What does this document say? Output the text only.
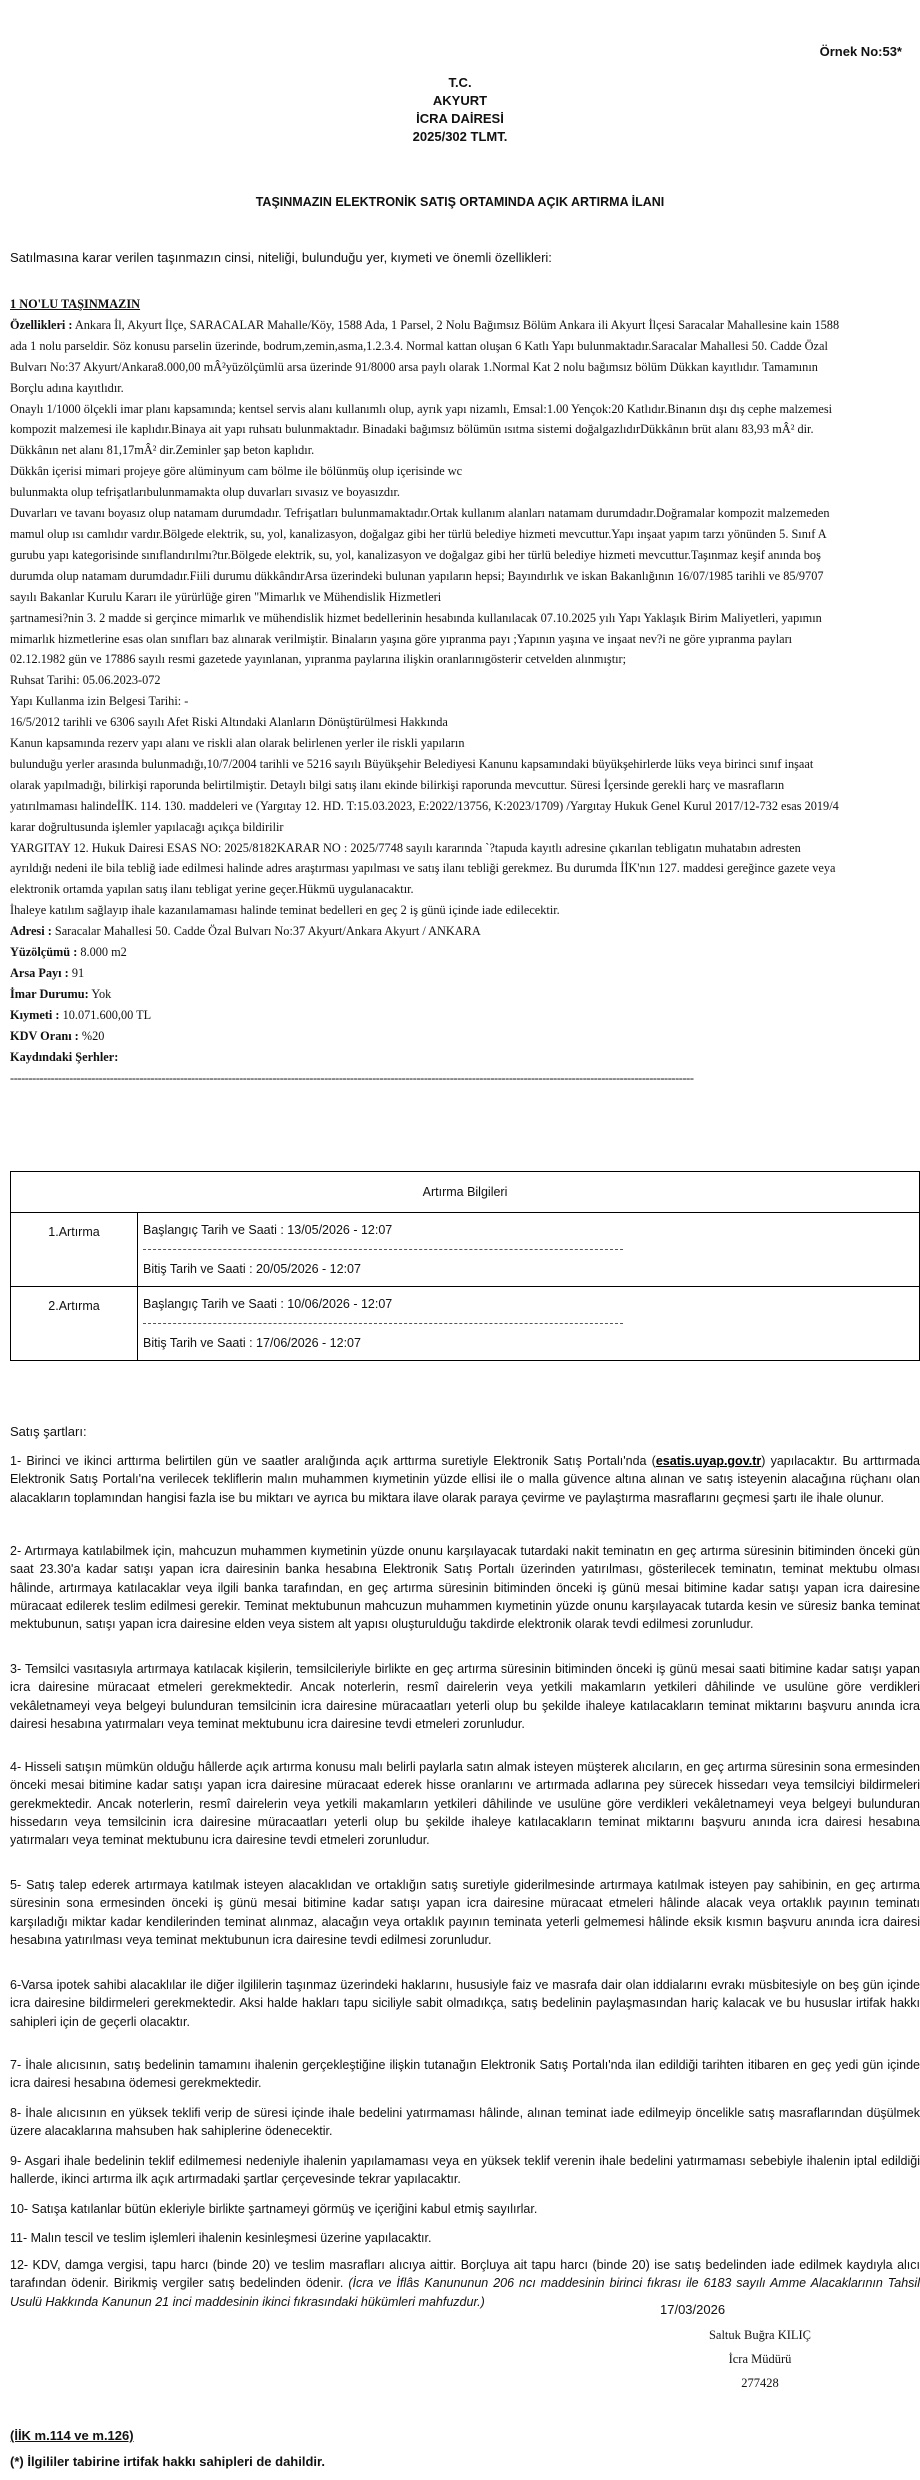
Örnek No:53*
T.C.
AKYURT
İCRA DAİRESİ
2025/302 TLMT.
TAŞINMAZIN ELEKTRONİK SATIŞ ORTAMINDA AÇIK ARTIRMA İLANI
Satılmasına karar verilen taşınmazın cinsi, niteliği, bulunduğu yer, kıymeti ve önemli özellikleri:
1 NO'LU TAŞINMAZIN
Özellikleri : Ankara İl, Akyurt İlçe, SARACALAR Mahalle/Köy, 1588 Ada, 1 Parsel, 2 Nolu Bağımsız Bölüm Ankara ili Akyurt İlçesi Saracalar Mahallesine kain 1588
ada 1 nolu parseldir. Söz konusu parselin üzerinde, bodrum,zemin,asma,1.2.3.4. Normal kattan oluşan 6 Katlı Yapı bulunmaktadır.Saracalar Mahallesi 50. Cadde Özal
Bulvarı No:37 Akyurt/Ankara8.000,00 mÂ²yüzölçümlü arsa üzerinde 91/8000 arsa paylı olarak 1.Normal Kat 2 nolu bağımsız bölüm Dükkan kayıtlıdır. Tamamının
Borçlu adına kayıtlıdır.
Onaylı 1/1000 ölçekli imar planı kapsamında; kentsel servis alanı kullanımlı olup, ayrık yapı nizamlı, Emsal:1.00 Yençok:20 Katlıdır.Binanın dışı dış cephe malzemesi
kompozit malzemesi ile kaplıdır.Binaya ait yapı ruhsatı bulunmaktadır. Binadaki bağımsız bölümün ısıtma sistemi doğalgazlıdırDükkânın brüt alanı 83,93 mÂ² dir.
Dükkânın net alanı 81,17mÂ² dir.Zeminler şap beton kaplıdır.
Dükkân içerisi mimari projeye göre alüminyum cam bölme ile bölünmüş olup içerisinde wc
bulunmakta olup tefrişatlarıbulunmamakta olup duvarları sıvasız ve boyasızdır.
Duvarları ve tavanı boyasız olup natamam durumdadır. Tefrişatları bulunmamaktadır.Ortak kullanım alanları natamam durumdadır.Doğramalar kompozit malzemeden
mamul olup ısı camlıdır vardır.Bölgede elektrik, su, yol, kanalizasyon, doğalgaz gibi her türlü belediye hizmeti mevcuttur.Yapı inşaat yapım tarzı yönünden 5. Sınıf A
gurubu yapı kategorisinde sınıflandırılmı?tır.Bölgede elektrik, su, yol, kanalizasyon ve doğalgaz gibi her türlü belediye hizmeti mevcuttur.Taşınmaz keşif anında boş
durumda olup natamam durumdadır.Fiili durumu dükkândırArsa üzerindeki bulunan yapıların hepsi; Bayındırlık ve iskan Bakanlığının 16/07/1985 tarihli ve 85/9707
sayılı Bakanlar Kurulu Kararı ile yürürlüğe giren "Mimarlık ve Mühendislik Hizmetleri
şartnamesi?nin 3. 2 madde si gerçince mimarlık ve mühendislik hizmet bedellerinin hesabında kullanılacak 07.10.2025 yılı Yapı Yaklaşık Birim Maliyetleri, yapımın
mimarlık hizmetlerine esas olan sınıfları baz alınarak verilmiştir. Binaların yaşına göre yıpranma payı ;Yapının yaşına ve inşaat nev?i ne göre yıpranma payları
02.12.1982 gün ve 17886 sayılı resmi gazetede yayınlanan, yıpranma paylarına ilişkin oranlarınıgösterir cetvelden alınmıştır;
Ruhsat Tarihi: 05.06.2023-072
Yapı Kullanma izin Belgesi Tarihi: -
16/5/2012 tarihli ve 6306 sayılı Afet Riski Altındaki Alanların Dönüştürülmesi Hakkında
Kanun kapsamında rezerv yapı alanı ve riskli alan olarak belirlenen yerler ile riskli yapıların
bulunduğu yerler arasında bulunmadığı,10/7/2004 tarihli ve 5216 sayılı Büyükşehir Belediyesi Kanunu kapsamındaki büyükşehirlerde lüks veya birinci sınıf inşaat
olarak yapılmadığı, bilirkişi raporunda belirtilmiştir. Detaylı bilgi satış ilanı ekinde bilirkişi raporunda mevcuttur. Süresi İçersinde gerekli harç ve masrafların
yatırılmaması halindeİİK. 114. 130. maddeleri ve (Yargıtay 12. HD. T:15.03.2023, E:2022/13756, K:2023/1709) /Yargıtay Hukuk Genel Kurul 2017/12-732 esas 2019/4
karar doğrultusunda işlemler yapılacağı açıkça bildirilir
YARGITAY 12. Hukuk Dairesi ESAS NO: 2025/8182KARAR NO : 2025/7748 sayılı kararında `?tapuda kayıtlı adresine çıkarılan tebligatın muhatabın adresten
ayrıldığı nedeni ile bila tebliğ iade edilmesi halinde adres araştırması yapılması ve satış ilanı tebliği gerekmez. Bu durumda İİK'nın 127. maddesi gereğince gazete veya
elektronik ortamda yapılan satış ilanı tebligat yerine geçer.Hükmü uygulanacaktır.
İhaleye katılım sağlayıp ihale kazanılamaması halinde teminat bedelleri en geç 2 iş günü içinde iade edilecektir.
Adresi : Saracalar Mahallesi 50. Cadde Özal Bulvarı No:37 Akyurt/Ankara Akyurt / ANKARA
Yüzölçümü : 8.000 m2
Arsa Payı : 91
İmar Durumu: Yok
Kıymeti : 10.071.600,00 TL
KDV Oranı : %20
Kaydındaki Şerhler:
-----------------------------------------------------------------------------------------------------------------------------------------------------------------------------------------
Artırma Bilgileri	
1.Artırma	Başlangıç Tarih ve Saati : 13/05/2026 - 12:07
Bitiş Tarih ve Saati : 20/05/2026 - 12:07

2.Artırma	Başlangıç Tarih ve Saati : 10/06/2026 - 12:07
Bitiş Tarih ve Saati : 17/06/2026 - 12:07
Satış şartları:
1- Birinci ve ikinci arttırma belirtilen gün ve saatler aralığında açık arttırma suretiyle Elektronik Satış Portalı'nda (esatis.uyap.gov.tr) yapılacaktır. Bu arttırmada Elektronik Satış Portalı'na verilecek tekliflerin malın muhammen kıymetinin yüzde ellisi ile o malla güvence altına alınan ve satış isteyenin alacağına rüçhanı olan alacakların toplamından hangisi fazla ise bu miktarı ve ayrıca bu miktara ilave olarak paraya çevirme ve paylaştırma masraflarını geçmesi şartı ile ihale olunur.
2- Artırmaya katılabilmek için, mahcuzun muhammen kıymetinin yüzde onunu karşılayacak tutardaki nakit teminatın en geç artırma süresinin bitiminden önceki gün saat 23.30'a kadar satışı yapan icra dairesinin banka hesabına Elektronik Satış Portalı üzerinden yatırılması, gösterilecek teminatın, teminat mektubu olması hâlinde, artırmaya katılacaklar veya ilgili banka tarafından, en geç artırma süresinin bitiminden önceki iş günü mesai bitimine kadar satışı yapan icra dairesine müracaat edilerek teslim edilmesi gerekir. Teminat mektubunun mahcuzun muhammen kıymetinin yüzde onunu karşılayacak tutarda kesin ve süresiz banka teminat mektubunun, satışı yapan icra dairesine elden veya sistem alt yapısı oluşturulduğu takdirde elektronik olarak tevdi edilmesi zorunludur.
3- Temsilci vasıtasıyla artırmaya katılacak kişilerin, temsilcileriyle birlikte en geç artırma süresinin bitiminden önceki iş günü mesai saati bitimine kadar satışı yapan icra dairesine müracaat etmeleri gerekmektedir. Ancak noterlerin, resmî dairelerin veya yetkili makamların yetkileri dâhilinde ve usulüne göre verdikleri vekâletnameyi veya belgeyi bulunduran temsilcinin icra dairesine müracaatları yeterli olup bu şekilde ihaleye katılacakların teminat miktarını başvuru anında icra dairesi hesabına yatırmaları veya teminat mektubunu icra dairesine tevdi etmeleri zorunludur.
4- Hisseli satışın mümkün olduğu hâllerde açık artırma konusu malı belirli paylarla satın almak isteyen müşterek alıcıların, en geç artırma süresinin sona ermesinden önceki mesai bitimine kadar satışı yapan icra dairesine müracaat ederek hisse oranlarını ve artırmada adlarına pey sürecek hissedarı veya temsilciyi bildirmeleri gerekmektedir. Ancak noterlerin, resmî dairelerin veya yetkili makamların yetkileri dâhilinde ve usulüne göre verdikleri vekâletnameyi veya belgeyi bulunduran hissedarın veya temsilcinin icra dairesine müracaatları yeterli olup bu şekilde ihaleye katılacakların teminat miktarını başvuru anında icra dairesi hesabına yatırmaları veya teminat mektubunu icra dairesine tevdi etmeleri zorunludur.
5- Satış talep ederek artırmaya katılmak isteyen alacaklıdan ve ortaklığın satış suretiyle giderilmesinde artırmaya katılmak isteyen pay sahibinin, en geç artırma süresinin sona ermesinden önceki iş günü mesai bitimine kadar satışı yapan icra dairesine müracaat etmeleri hâlinde alacak veya ortaklık payının teminatı karşıladığı miktar kadar kendilerinden teminat alınmaz, alacağın veya ortaklık payının teminata yeterli gelmemesi hâlinde eksik kısmın başvuru anında icra dairesi hesabına yatırılması veya teminat mektubunun icra dairesine tevdi edilmesi zorunludur.
6-Varsa ipotek sahibi alacaklılar ile diğer ilgililerin taşınmaz üzerindeki haklarını, hususiyle faiz ve masrafa dair olan iddialarını evrakı müsbitesiyle on beş gün içinde icra dairesine bildirmeleri gerekmektedir. Aksi halde hakları tapu siciliyle sabit olmadıkça, satış bedelinin paylaşmasından hariç kalacak ve bu hususlar irtifak hakkı sahipleri için de geçerli olacaktır.
7- İhale alıcısının, satış bedelinin tamamını ihalenin gerçekleştiğine ilişkin tutanağın Elektronik Satış Portalı'nda ilan edildiği tarihten itibaren en geç yedi gün içinde icra dairesi hesabına ödemesi gerekmektedir.
8- İhale alıcısının en yüksek teklifi verip de süresi içinde ihale bedelini yatırmaması hâlinde, alınan teminat iade edilmeyip öncelikle satış masraflarından düşülmek üzere alacaklarına mahsuben hak sahiplerine ödenecektir.
9- Asgari ihale bedelinin teklif edilmemesi nedeniyle ihalenin yapılamaması veya en yüksek teklif verenin ihale bedelini yatırmaması sebebiyle ihalenin iptal edildiği hallerde, ikinci artırma ilk açık artırmadaki şartlar çerçevesinde tekrar yapılacaktır.
10- Satışa katılanlar bütün ekleriyle birlikte şartnameyi görmüş ve içeriğini kabul etmiş sayılırlar.
11- Malın tescil ve teslim işlemleri ihalenin kesinleşmesi üzerine yapılacaktır.
12- KDV, damga vergisi, tapu harcı (binde 20) ve teslim masrafları alıcıya aittir. Borçluya ait tapu harcı (binde 20) ise satış bedelinden iade edilmek kaydıyla alıcı tarafından ödenir. Birikmiş vergiler satış bedelinden ödenir. (İcra ve İflâs Kanununun 206 ncı maddesinin birinci fıkrası ile 6183 sayılı Amme Alacaklarının Tahsil Usulü Hakkında Kanunun 21 inci maddesinin ikinci fıkrasındaki hükümleri mahfuzdur.)
17/03/2026
Saltuk Buğra KILIÇ
İcra Müdürü
277428
(İİK m.114 ve m.126)
(*) İlgililer tabirine irtifak hakkı sahipleri de dahildir.
